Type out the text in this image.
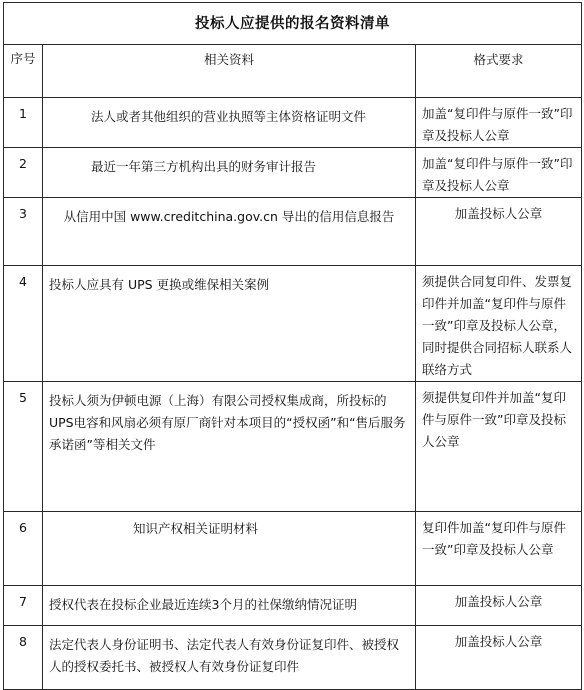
投标人应提供的报名资料清单		
序号	相关资料	格式要求
1	法人或者其他组织的营业执照等主体资格证明文件	加盖“复印件与原件一致”印章及投标人公章
2	最近一年第三方机构出具的财务审计报告	加盖“复印件与原件一致”印章及投标人公章
3	从信用中国 www.creditchina.gov.cn 导出的信用信息报告	加盖投标人公章
4	投标人应具有 UPS 更换或维保相关案例	须提供合同复印件、发票复印件并加盖“复印件与原件一致”印章及投标人公章，同时提供合同招标人联系人联络方式
5	投标人须为伊顿电源（上海）有限公司授权集成商，所投标的UPS电容和风扇必须有原厂商针对本项目的“授权函”和“售后服务承诺函”等相关文件	须提供复印件并加盖“复印件与原件一致”印章及投标人公章
6	知识产权相关证明材料	复印件加盖“复印件与原件一致”印章及投标人公章
7	授权代表在投标企业最近连续3个月的社保缴纳情况证明	加盖投标人公章
8	法定代表人身份证明书、法定代表人有效身份证复印件、被授权人的授权委托书、被授权人有效身份证复印件	加盖投标人公章
